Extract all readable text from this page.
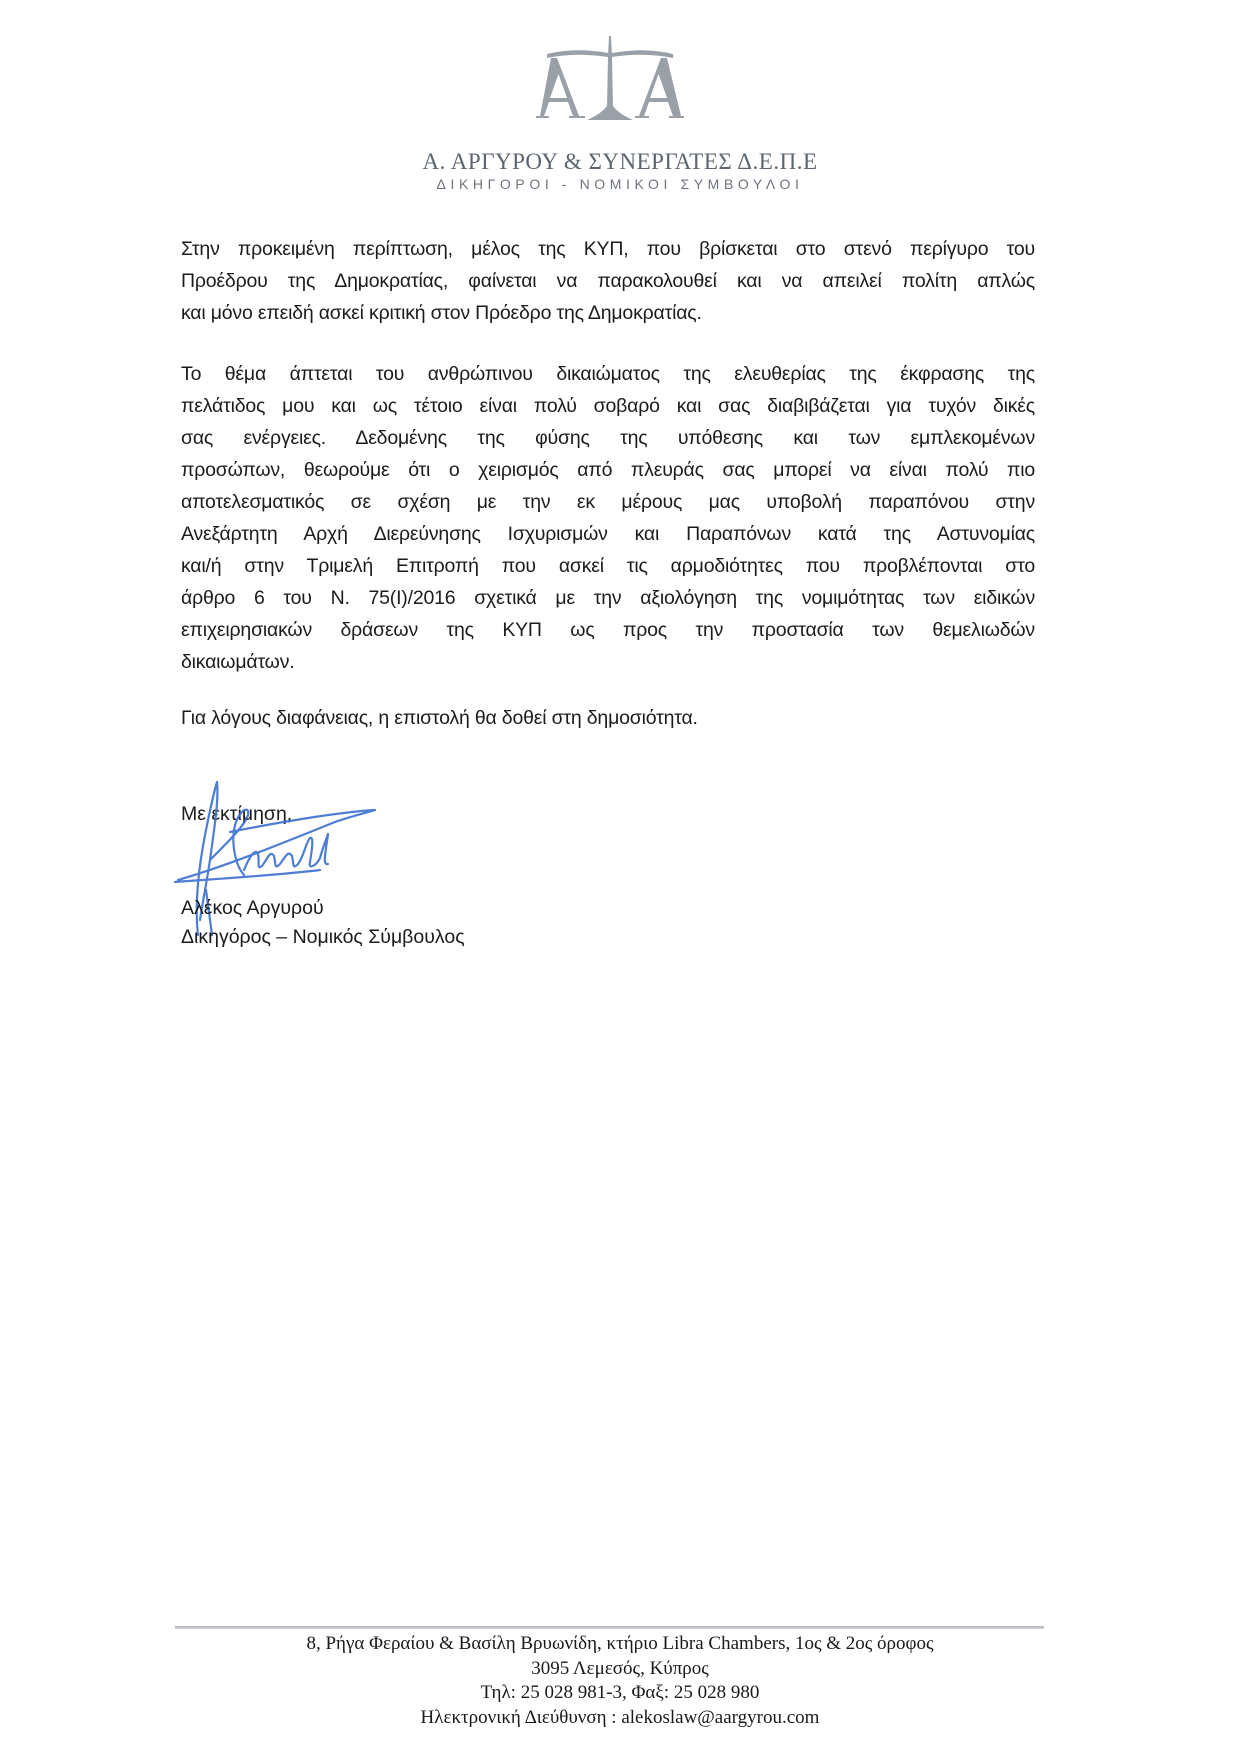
Α. ΑΡΓΥΡΟΥ & ΣΥΝΕΡΓΑΤΕΣ Δ.Ε.Π.Ε
ΔΙΚΗΓΟΡΟΙ - ΝΟΜΙΚΟΙ ΣΥΜΒΟΥΛΟΙ
Στην προκειμένη περίπτωση, μέλος της ΚΥΠ, που βρίσκεται στο στενό περίγυρο του
Προέδρου της Δημοκρατίας, φαίνεται να παρακολουθεί και να απειλεί πολίτη απλώς
και μόνο επειδή ασκεί κριτική στον Πρόεδρο της Δημοκρατίας.
Το θέμα άπτεται του ανθρώπινου δικαιώματος της ελευθερίας της έκφρασης της
πελάτιδος μου και ως τέτοιο είναι πολύ σοβαρό και σας διαβιβάζεται για τυχόν δικές
σας ενέργειες. Δεδομένης της φύσης της υπόθεσης και των εμπλεκομένων
προσώπων, θεωρούμε ότι ο χειρισμός από πλευράς σας μπορεί να είναι πολύ πιο
αποτελεσματικός σε σχέση με την εκ μέρους μας υποβολή παραπόνου στην
Ανεξάρτητη Αρχή Διερεύνησης Ισχυρισμών και Παραπόνων κατά της Αστυνομίας
και/ή στην Τριμελή Επιτροπή που ασκεί τις αρμοδιότητες που προβλέπονται στο
άρθρο 6 του Ν. 75(Ι)/2016 σχετικά με την αξιολόγηση της νομιμότητας των ειδικών
επιχειρησιακών δράσεων της ΚΥΠ ως προς την προστασία των θεμελιωδών
δικαιωμάτων.
Για λόγους διαφάνειας, η επιστολή θα δοθεί στη δημοσιότητα.
Με εκτίμηση,
Αλέκος Αργυρού
Δικηγόρος – Νομικός Σύμβουλος
8, Ρήγα Φεραίου & Βασίλη Βρυωνίδη, κτήριο Libra Chambers, 1ος & 2ος όροφος
3095 Λεμεσός, Κύπρος
Τηλ: 25 028 981-3, Φαξ: 25 028 980
Ηλεκτρονική Διεύθυνση : alekoslaw@aargyrou.com
